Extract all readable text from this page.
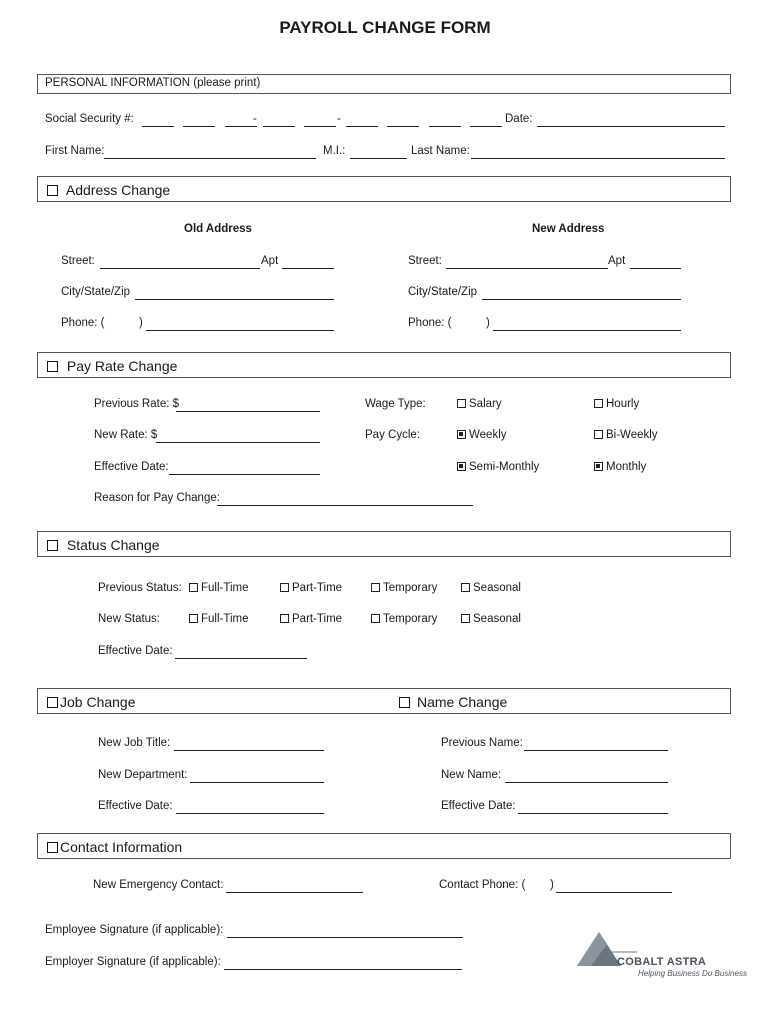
PAYROLL CHANGE FORM
PERSONAL INFORMATION (please print)
Social Security #:
	-
	-
	Date:
First Name:	M.I.:	Last Name:
Address Change
Old Address	New Address
Street:	Apt	Street:	Apt
City/State/Zip	City/State/Zip
Phone: (	)	Phone: (	)
Pay Rate Change
Previous Rate: $
New Rate: $
Effective Date:
Reason for Pay Change:
Wage Type:
Pay Cycle:
Salary	Hourly
Weekly	Bi-Weekly
Semi-Monthly	Monthly
Status Change
Previous Status:	Full-Time	Part-Time	Temporary	Seasonal
New Status:	Full-Time	Part-Time	Temporary	Seasonal
Effective Date:
Job Change	Name Change
New Job Title:
New Department:
Effective Date:
Previous Name:
New Name:
Effective Date:
Contact Information
New Emergency Contact:	Contact Phone: ( )
Employee Signature (if applicable):
Employer Signature (if applicable):	COBALT ASTRA
Helping Business Do Business
